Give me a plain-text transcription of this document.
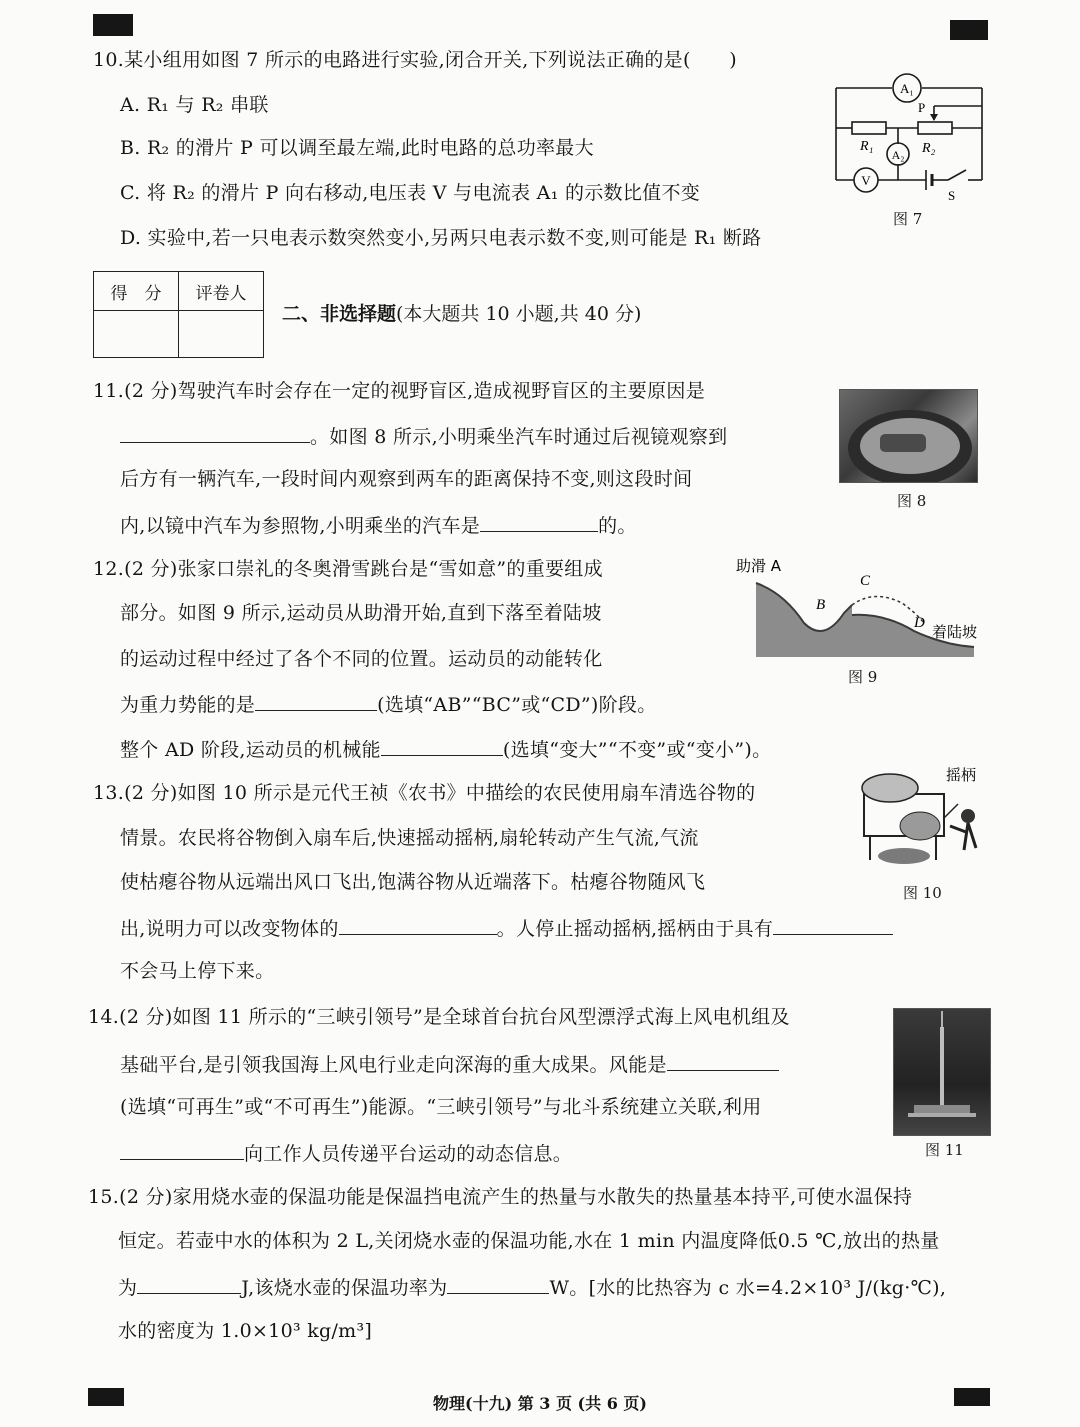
10.某小组用如图 7 所示的电路进行实验,闭合开关,下列说法正确的是(　　)
A. R₁ 与 R₂ 串联
B. R₂ 的滑片 P 可以调至最左端,此时电路的总功率最大
C. 将 R₂ 的滑片 P 向右移动,电压表 V 与电流表 A₁ 的示数比值不变
D. 实验中,若一只电表示数突然变小,另两只电表示数不变,则可能是 R₁ 断路
A₁
A₂
V
R₁	R₂
P
S
图 7
得　分	评卷人

二、非选择题(本大题共 10 小题,共 40 分)
11.(2 分)驾驶汽车时会存在一定的视野盲区,造成视野盲区的主要原因是
。如图 8 所示,小明乘坐汽车时通过后视镜观察到
后方有一辆汽车,一段时间内观察到两车的距离保持不变,则这段时间
内,以镜中汽车为参照物,小明乘坐的汽车是	的。
图 8
12.(2 分)张家口崇礼的冬奥滑雪跳台是“雪如意”的重要组成
部分。如图 9 所示,运动员从助滑开始,直到下落至着陆坡
的运动过程中经过了各个不同的位置。运动员的动能转化
为重力势能的是	(选填“AB”“BC”或“CD”)阶段。
整个 AD 阶段,运动员的机械能	(选填“变大”“不变”或“变小”)。
助滑 A
B
C
D 着陆坡
图 9
13.(2 分)如图 10 所示是元代王祯《农书》中描绘的农民使用扇车清选谷物的
情景。农民将谷物倒入扇车后,快速摇动摇柄,扇轮转动产生气流,气流
使枯瘪谷物从远端出风口飞出,饱满谷物从近端落下。枯瘪谷物随风飞
出,说明力可以改变物体的	。人停止摇动摇柄,摇柄由于具有
不会马上停下来。
摇柄
图 10
14.(2 分)如图 11 所示的“三峡引领号”是全球首台抗台风型漂浮式海上风电机组及
基础平台,是引领我国海上风电行业走向深海的重大成果。风能是
(选填“可再生”或“不可再生”)能源。“三峡引领号”与北斗系统建立关联,利用
向工作人员传递平台运动的动态信息。	图 11
15.(2 分)家用烧水壶的保温功能是保温挡电流产生的热量与水散失的热量基本持平,可使水温保持
恒定。若壶中水的体积为 2 L,关闭烧水壶的保温功能,水在 1 min 内温度降低0.5 ℃,放出的热量
为	J,该烧水壶的保温功率为	W。[水的比热容为 c 水=4.2×10³ J/(kg·℃),
水的密度为 1.0×10³ kg/m³]
物理(十九) 第 3 页 (共 6 页)
